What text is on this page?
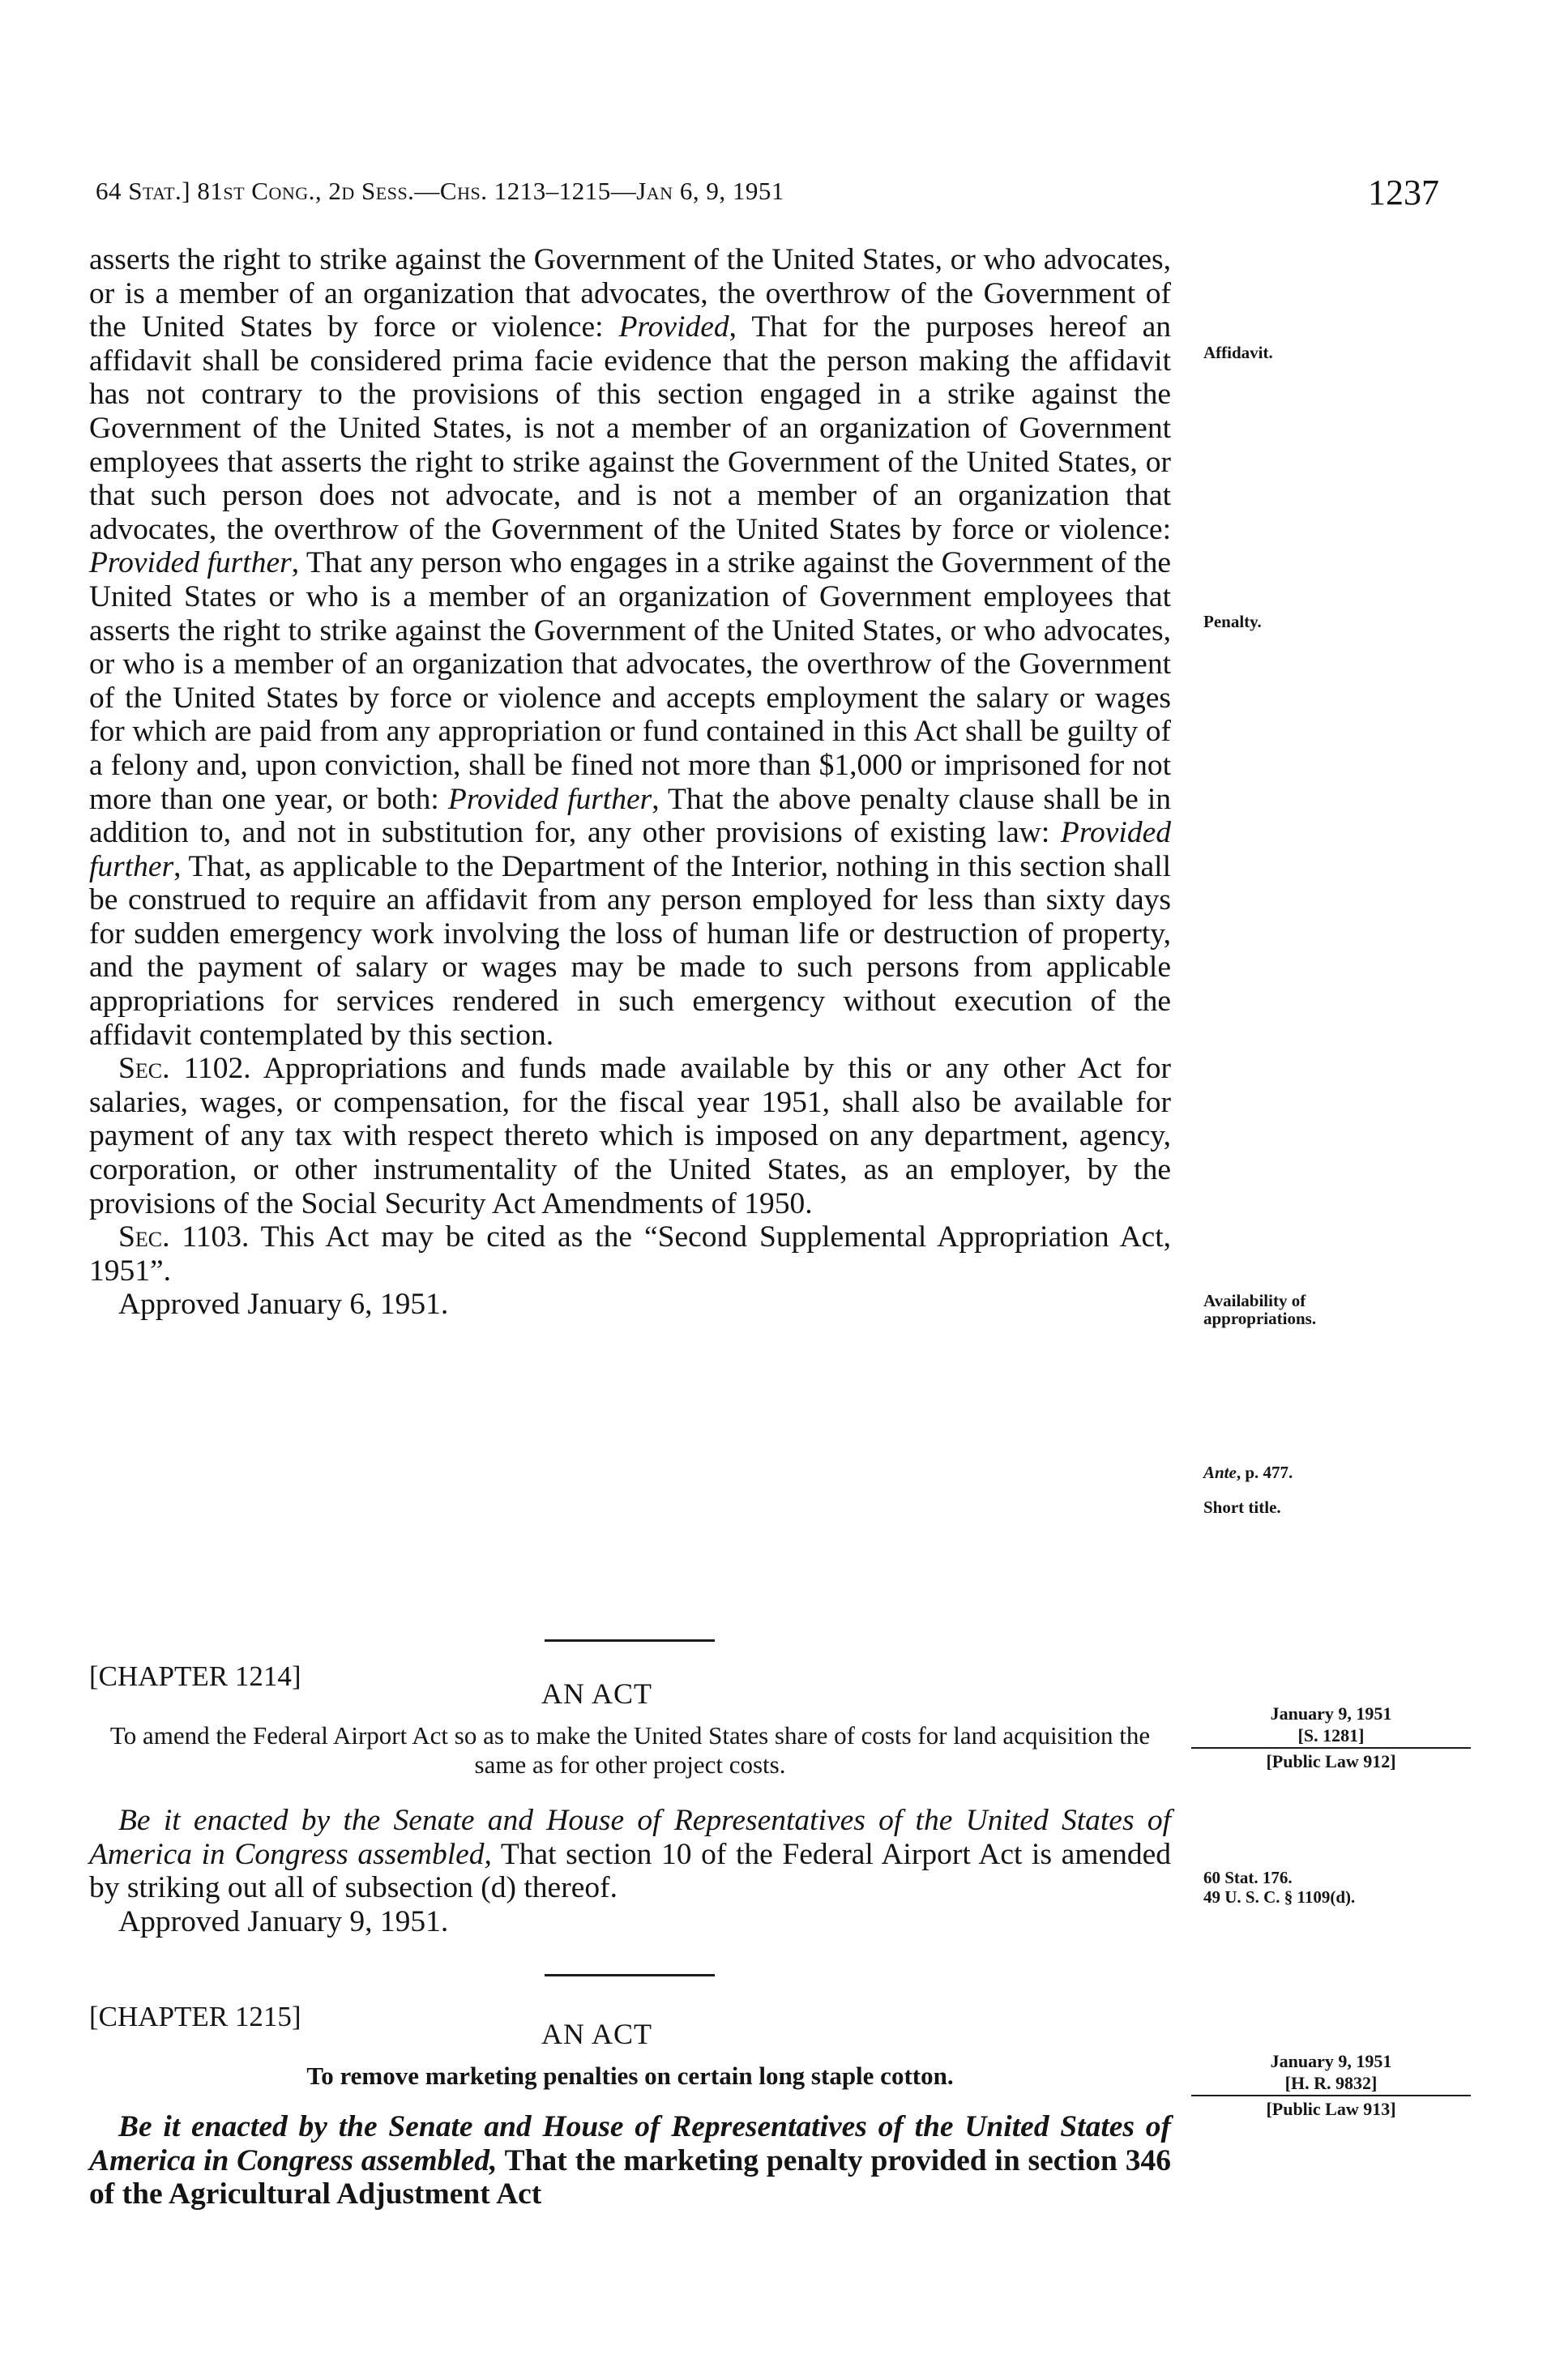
64 Stat.] 81st Cong., 2d Sess.—Chs. 1213–1215—Jan 6, 9, 1951	1237

asserts the right to strike against the Government of the United States, or who advocates, or is a member of an organization that advocates, the overthrow of the Government of the United States by force or violence: Provided, That for the purposes hereof an affidavit shall be considered prima facie evidence that the person making the affidavit has not contrary to the provisions of this section engaged in a strike against the Government of the United States, is not a member of an organization of Government employees that asserts the right to strike against the Government of the United States, or that such person does not advocate, and is not a member of an organization that advocates, the overthrow of the Government of the United States by force or violence: Provided further, That any person who engages in a strike against the Government of the United States or who is a member of an organization of Government employees that asserts the right to strike against the Government of the United States, or who advocates, or who is a member of an organization that advocates, the overthrow of the Government of the United States by force or violence and accepts employment the salary or wages for which are paid from any appropriation or fund contained in this Act shall be guilty of a felony and, upon conviction, shall be fined not more than $1,000 or imprisoned for not more than one year, or both: Provided further, That the above penalty clause shall be in addition to, and not in substitution for, any other provisions of existing law: Provided further, That, as applicable to the Department of the Interior, nothing in this section shall be construed to require an affidavit from any person employed for less than sixty days for sudden emergency work involving the loss of human life or destruction of property, and the payment of salary or wages may be made to such persons from applicable appropriations for services rendered in such emergency without execution of the affidavit contemplated by this section.

Sec. 1102. Appropriations and funds made available by this or any other Act for salaries, wages, or compensation, for the fiscal year 1951, shall also be available for payment of any tax with respect thereto which is imposed on any department, agency, corporation, or other instrumentality of the United States, as an employer, by the provisions of the Social Security Act Amendments of 1950.

Sec. 1103. This Act may be cited as the “Second Supplemental Appropriation Act, 1951”.

Approved January 6, 1951.

Affidavit.
Penalty.
Availability of appropriations.
Ante, p. 477.
Short title.
[CHAPTER 1214]
AN ACT
To amend the Federal Airport Act so as to make the United States share of costs for land acquisition the same as for other project costs.
January 9, 1951
[S. 1281]
[Public Law 912]

Be it enacted by the Senate and House of Representatives of the United States of America in Congress assembled, That section 10 of the Federal Airport Act is amended by striking out all of subsection (d) thereof.

Approved January 9, 1951.

60 Stat. 176.
49 U. S. C. § 1109(d).
[CHAPTER 1215]
AN ACT
To remove marketing penalties on certain long staple cotton.
January 9, 1951
[H. R. 9832]
[Public Law 913]

Be it enacted by the Senate and House of Representatives of the United States of America in Congress assembled, That the marketing penalty provided in section 346 of the Agricultural Adjustment Act
